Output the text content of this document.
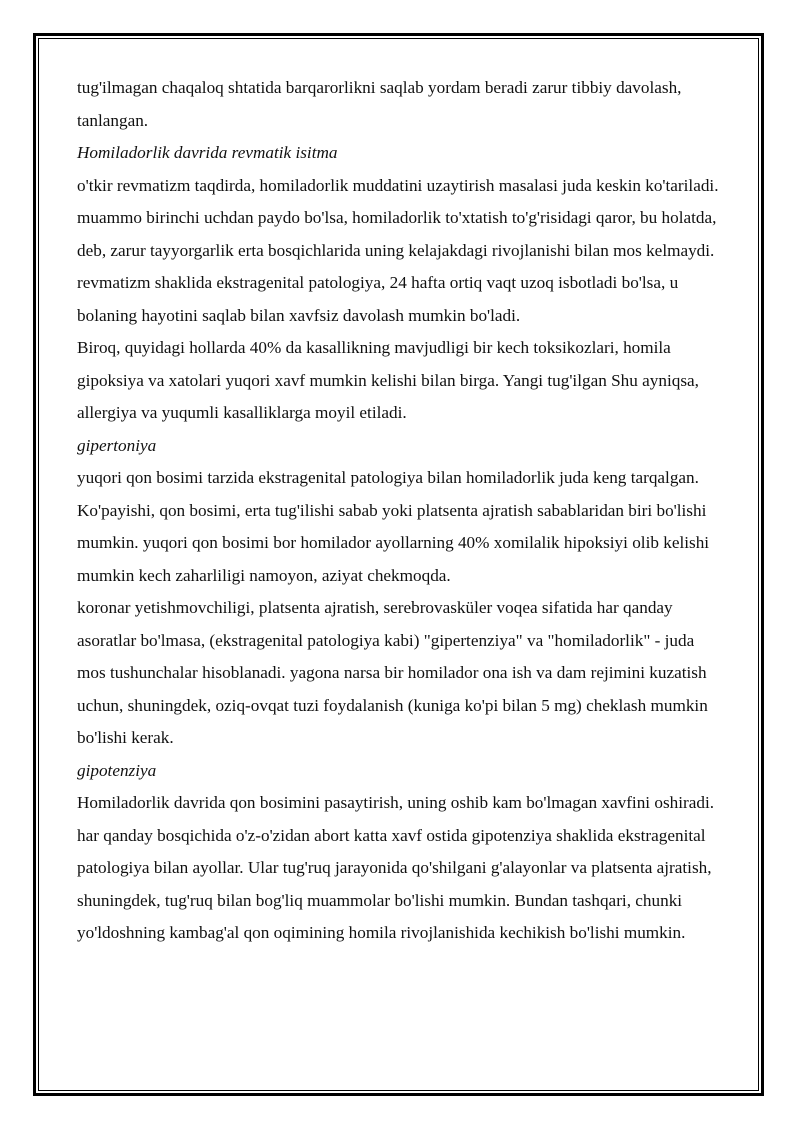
tug'ilmagan chaqaloq shtatida barqarorlikni saqlab yordam beradi zarur tibbiy davolash, tanlangan.

Homiladorlik davrida revmatik isitma

o'tkir revmatizm taqdirda, homiladorlik muddatini uzaytirish masalasi juda keskin ko'tariladi. muammo birinchi uchdan paydo bo'lsa, homiladorlik to'xtatish to'g'risidagi qaror, bu holatda, deb, zarur tayyorgarlik erta bosqichlarida uning kelajakdagi rivojlanishi bilan mos kelmaydi.

revmatizm shaklida ekstragenital patologiya, 24 hafta ortiq vaqt uzoq isbotladi bo'lsa, u bolaning hayotini saqlab bilan xavfsiz davolash mumkin bo'ladi.

Biroq, quyidagi hollarda 40% da kasallikning mavjudligi bir kech toksikozlari, homila gipoksiya va xatolari yuqori xavf mumkin kelishi bilan birga. Yangi tug'ilgan Shu ayniqsa, allergiya va yuqumli kasalliklarga moyil etiladi.

gipertoniya

yuqori qon bosimi tarzida ekstragenital patologiya bilan homiladorlik juda keng tarqalgan. Ko'payishi, qon bosimi, erta tug'ilishi sabab yoki platsenta ajratish sabablaridan biri bo'lishi mumkin. yuqori qon bosimi bor homilador ayollarning 40% xomilalik hipoksiyi olib kelishi mumkin kech zaharliligi namoyon, aziyat chekmoqda.

koronar yetishmovchiligi, platsenta ajratish, serebrovasküler voqea sifatida har qanday asoratlar bo'lmasa, (ekstragenital patologiya kabi) "gipertenziya" va "homiladorlik" - juda mos tushunchalar hisoblanadi. yagona narsa bir homilador ona ish va dam rejimini kuzatish uchun, shuningdek, oziq-ovqat tuzi foydalanish (kuniga ko'pi bilan 5 mg) cheklash mumkin bo'lishi kerak.

gipotenziya

Homiladorlik davrida qon bosimini pasaytirish, uning oshib kam bo'lmagan xavfini oshiradi. har qanday bosqichida o'z-o'zidan abort katta xavf ostida gipotenziya shaklida ekstragenital patologiya bilan ayollar. Ular tug'ruq jarayonida qo'shilgani g'alayonlar va platsenta ajratish, shuningdek, tug'ruq bilan bog'liq muammolar bo'lishi mumkin. Bundan tashqari, chunki yo'ldoshning kambag'al qon oqimining homila rivojlanishida kechikish bo'lishi mumkin.
